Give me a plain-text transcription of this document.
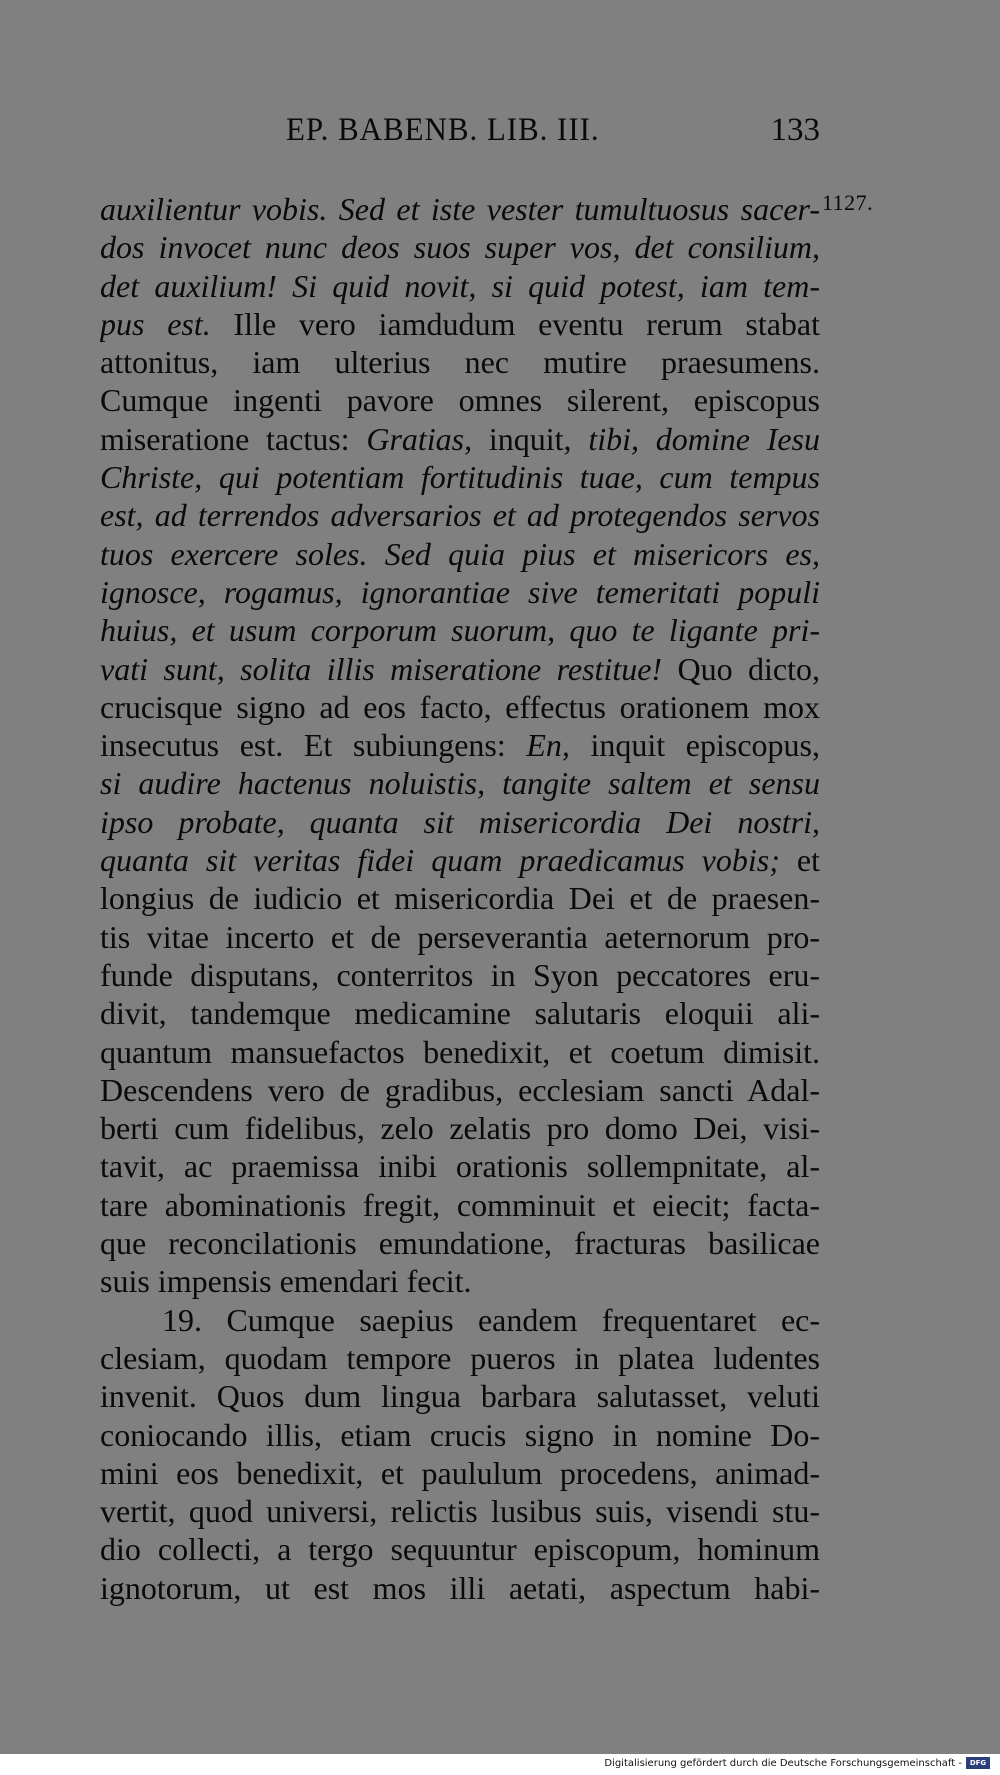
EP. BABENB. LIB. III.	133
1127.
auxilientur vobis. Sed et iste vester tumultuosus sacer-
dos invocet nunc deos suos super vos, det consilium,
det auxilium! Si quid novit, si quid potest, iam tem-
pus est. Ille vero iamdudum eventu rerum stabat
attonitus, iam ulterius nec mutire praesumens.
Cumque ingenti pavore omnes silerent, episcopus
miseratione tactus: Gratias, inquit, tibi, domine Iesu
Christe, qui potentiam fortitudinis tuae, cum tempus
est, ad terrendos adversarios et ad protegendos servos
tuos exercere soles. Sed quia pius et misericors es,
ignosce, rogamus, ignorantiae sive temeritati populi
huius, et usum corporum suorum, quo te ligante pri-
vati sunt, solita illis miseratione restitue! Quo dicto,
crucisque signo ad eos facto, effectus orationem mox
insecutus est. Et subiungens: En, inquit episcopus,
si audire hactenus noluistis, tangite saltem et sensu
ipso probate, quanta sit misericordia Dei nostri,
quanta sit veritas fidei quam praedicamus vobis; et
longius de iudicio et misericordia Dei et de praesen-
tis vitae incerto et de perseverantia aeternorum pro-
funde disputans, conterritos in Syon peccatores eru-
divit, tandemque medicamine salutaris eloquii ali-
quantum mansuefactos benedixit, et coetum dimisit.
Descendens vero de gradibus, ecclesiam sancti Adal-
berti cum fidelibus, zelo zelatis pro domo Dei, visi-
tavit, ac praemissa inibi orationis sollempnitate, al-
tare abominationis fregit, comminuit et eiecit; facta-
que reconcilationis emundatione, fracturas basilicae
suis impensis emendari fecit.
19. Cumque saepius eandem frequentaret ec-
clesiam, quodam tempore pueros in platea ludentes
invenit. Quos dum lingua barbara salutasset, veluti
coniocando illis, etiam crucis signo in nomine Do-
mini eos benedixit, et paululum procedens, animad-
vertit, quod universi, relictis lusibus suis, visendi stu-
dio collecti, a tergo sequuntur episcopum, hominum
ignotorum, ut est mos illi aetati, aspectum habi-
Digitalisierung gefördert durch die Deutsche Forschungsgemeinschaft -	DFG
